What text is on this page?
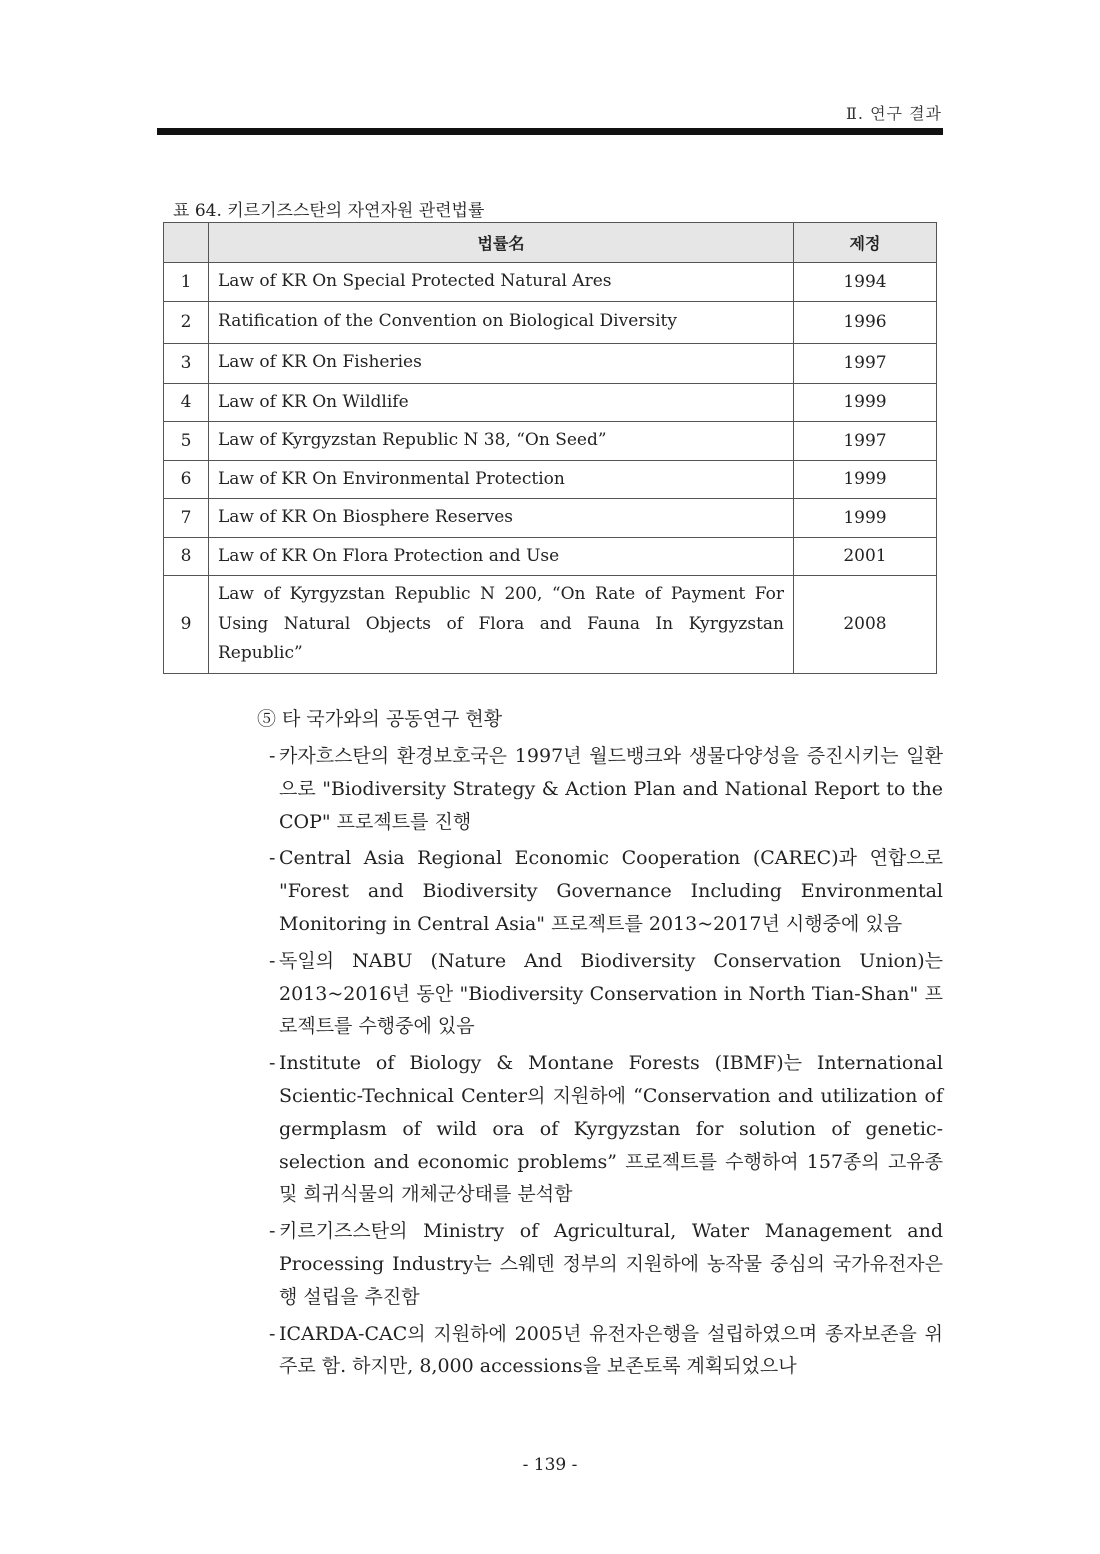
Ⅱ. 연구 결과
표 64. 키르기즈스탄의 자연자원 관련법률
	법률名	제정
1	Law of KR On Special Protected Natural Ares	1994
2	Ratification of the Convention on Biological Diversity	1996
3	Law of KR On Fisheries	1997
4	Law of KR On Wildlife	1999
5	Law of Kyrgyzstan Republic N 38, “On Seed”	1997
6	Law of KR On Environmental Protection	1999
7	Law of KR On Biosphere Reserves	1999
8	Law of KR On Flora Protection and Use	2001
9	Law of Kyrgyzstan Republic N 200, “On Rate of Payment For Using Natural Objects of Flora and Fauna In Kyrgyzstan Republic”	2008
⑤ 타 국가와의 공동연구 현황
- 카자흐스탄의 환경보호국은 1997년 월드뱅크와 생물다양성을 증진시키는 일환으로 "Biodiversity Strategy & Action Plan and National Report to the COP" 프로젝트를 진행
- Central Asia Regional Economic Cooperation (CAREC)과 연합으로 "Forest and Biodiversity Governance Including Environmental Monitoring in Central Asia" 프로젝트를 2013~2017년 시행중에 있음
- 독일의 NABU (Nature And Biodiversity Conservation Union)는 2013~2016년 동안 "Biodiversity Conservation in North Tian-Shan" 프로젝트를 수행중에 있음
- Institute of Biology & Montane Forests (IBMF)는 International Scientic-Technical Center의 지원하에 “Conservation and utilization of germplasm of wild ora of Kyrgyzstan for solution of genetic-selection and economic problems” 프로젝트를 수행하여 157종의 고유종 및 희귀식물의 개체군상태를 분석함
- 키르기즈스탄의 Ministry of Agricultural, Water Management and Processing Industry는 스웨덴 정부의 지원하에 농작물 중심의 국가유전자은행 설립을 추진함
- ICARDA-CAC의 지원하에 2005년 유전자은행을 설립하였으며 종자보존을 위주로 함. 하지만, 8,000 accessions을 보존토록 계획되었으나
- 139 -
